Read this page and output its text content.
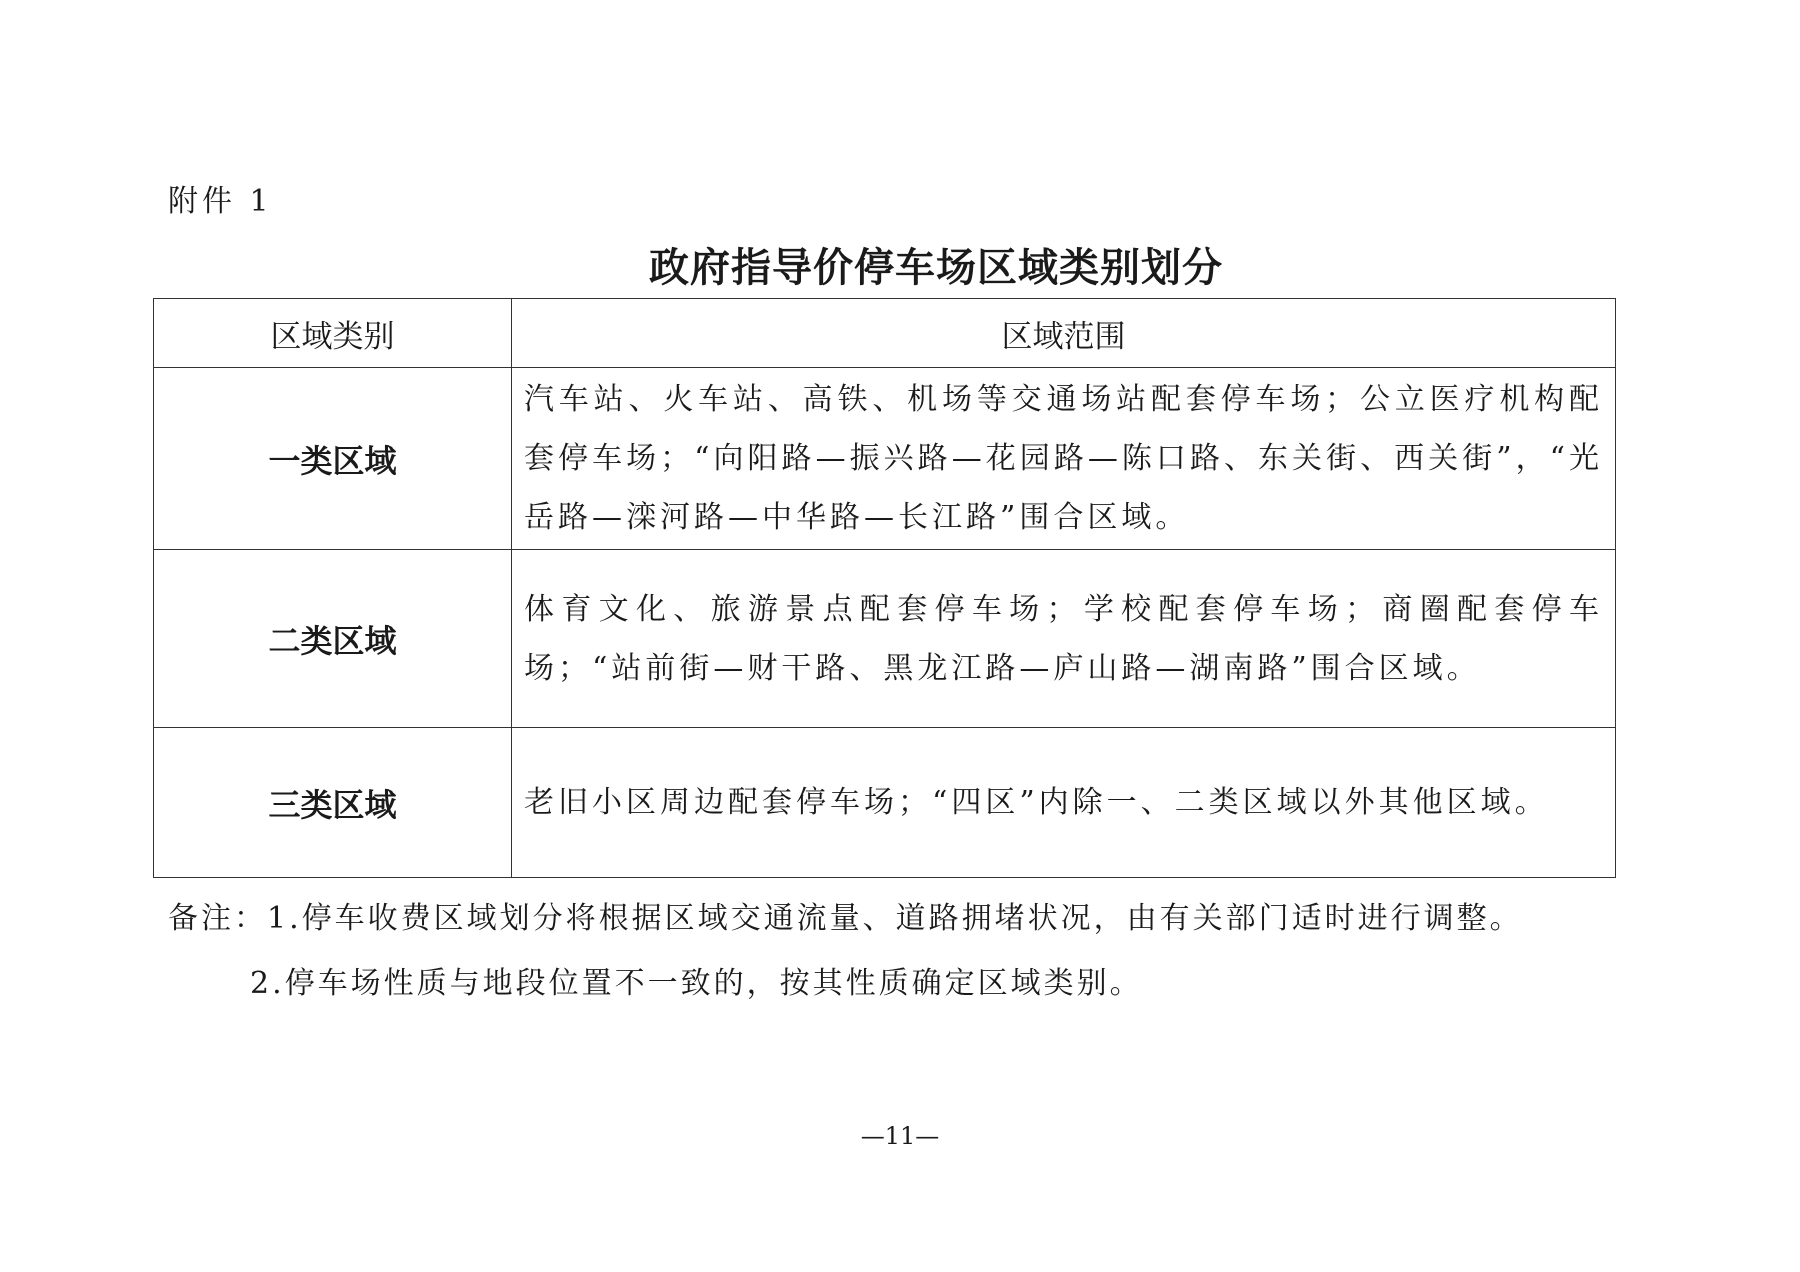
附件 1
政府指导价停车场区域类别划分
区域类别	区域范围
一类区域	汽车站、火车站、高铁、机场等交通场站配套停车场；公立医疗机构配套停车场；“向阳路—振兴路—花园路—陈口路、东关街、西关街”，“光岳路—滦河路—中华路—长江路”围合区域。
二类区域	体育文化、旅游景点配套停车场；学校配套停车场；商圈配套停车场；“站前街—财干路、黑龙江路—庐山路—湖南路”围合区域。
三类区域	老旧小区周边配套停车场；“四区”内除一、二类区域以外其他区域。
备注：1.停车收费区域划分将根据区域交通流量、道路拥堵状况，由有关部门适时进行调整。
2.停车场性质与地段位置不一致的，按其性质确定区域类别。
—11—
